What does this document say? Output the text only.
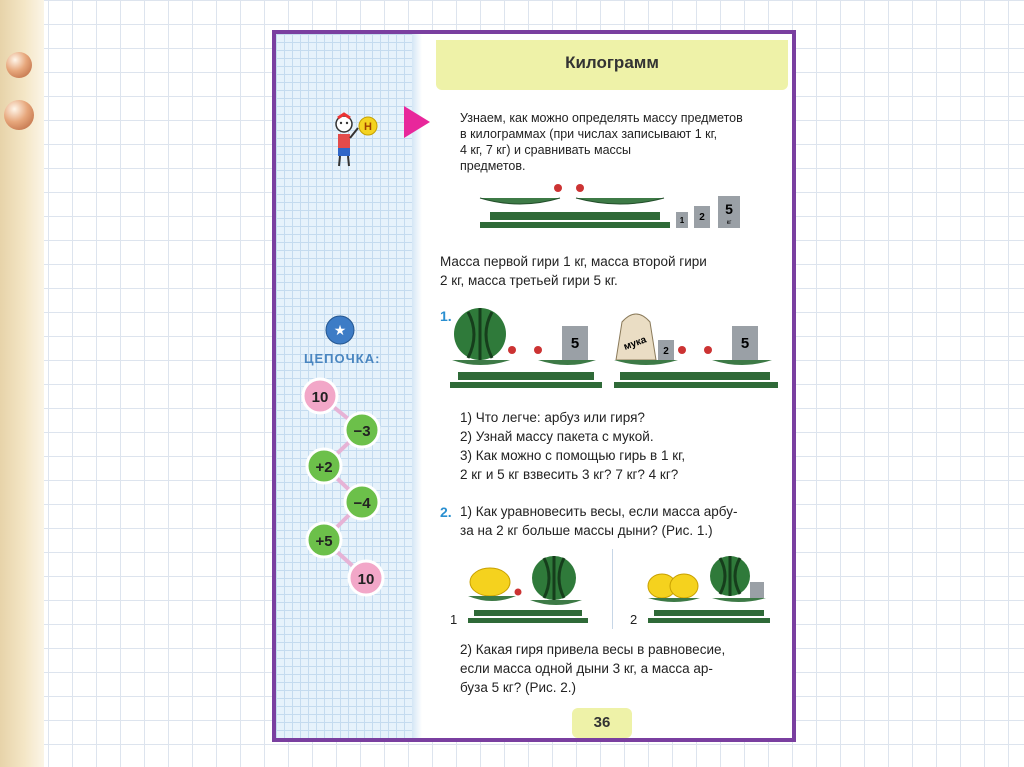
Н
★
ЦЕПОЧКА:
10
−3
+2
−4
+5
10
Килограмм
Узнаем, как можно определять массу предметов
в килограммах (при числах записывают 1 кг,
4 кг, 7 кг) и сравнивать массы
предметов.
1 2
5
кг
Масса первой гири 1 кг, масса второй гири
2 кг, масса третьей гири 5 кг.
1.
5	мука 2	5
1) Что легче: арбуз или гиря?
2) Узнай массу пакета с мукой.
3) Как можно с помощью гирь в 1 кг,
2 кг и 5 кг взвесить 3 кг? 7 кг? 4 кг?
2. 1) Как уравновесить весы, если масса арбу-
за на 2 кг больше массы дыни? (Рис. 1.)
1	2
2) Какая гиря привела весы в равновесие,
если масса одной дыни 3 кг, а масса ар-
буза 5 кг? (Рис. 2.)
36
